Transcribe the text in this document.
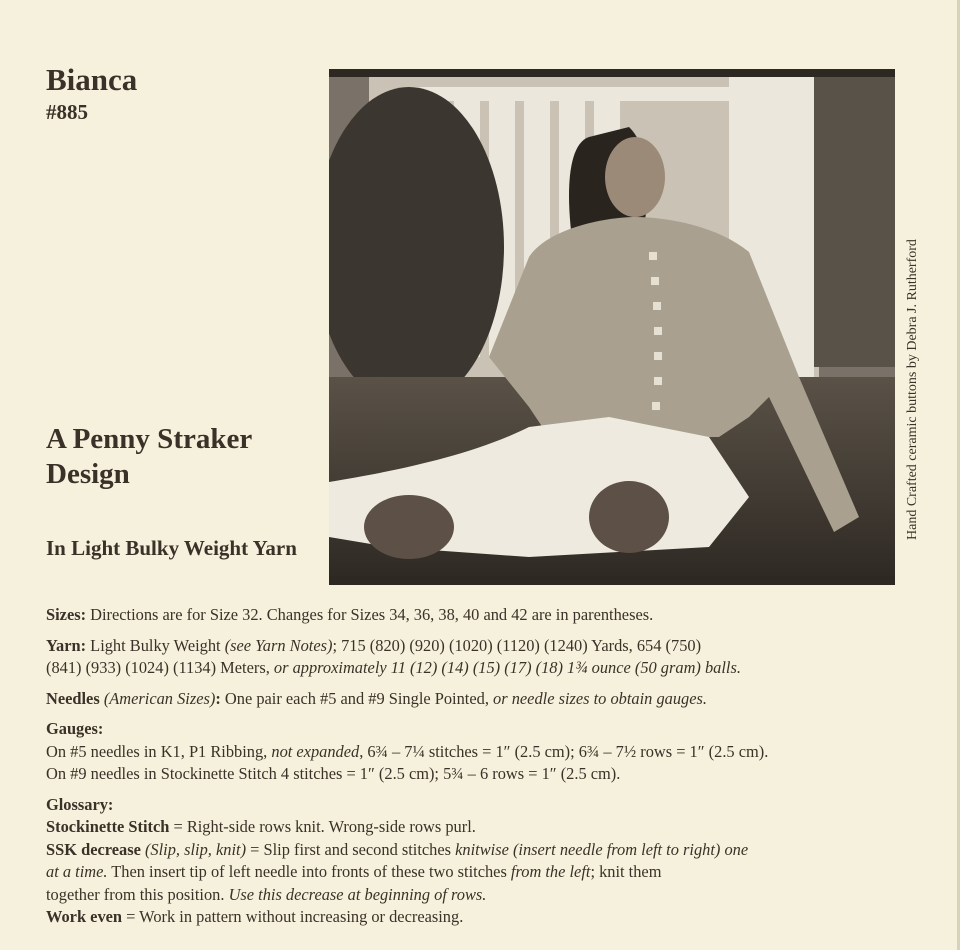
Bianca
#885
A Penny Straker Design
In Light Bulky Weight Yarn
Hand Crafted ceramic buttons by Debra J. Rutherford

Sizes: Directions are for Size 32. Changes for Sizes 34, 36, 38, 40 and 42 are in parentheses.

Yarn: Light Bulky Weight (see Yarn Notes); 715 (820) (920) (1020) (1120) (1240) Yards, 654 (750)
(841) (933) (1024) (1134) Meters, or approximately 11 (12) (14) (15) (17) (18) 1¾ ounce (50 gram) balls.

Needles (American Sizes): One pair each #5 and #9 Single Pointed, or needle sizes to obtain gauges.

Gauges:

On #5 needles in K1, P1 Ribbing, not expanded, 6¾ – 7¼ stitches = 1″ (2.5 cm); 6¾ – 7½ rows = 1″ (2.5 cm).

On #9 needles in Stockinette Stitch 4 stitches = 1″ (2.5 cm); 5¾ – 6 rows = 1″ (2.5 cm).

Glossary:

Stockinette Stitch = Right-side rows knit. Wrong-side rows purl.

SSK decrease (Slip, slip, knit) = Slip first and second stitches knitwise (insert needle from left to right) one
at a time. Then insert tip of left needle into fronts of these two stitches from the left; knit them
together from this position. Use this decrease at beginning of rows.

Work even = Work in pattern without increasing or decreasing.
